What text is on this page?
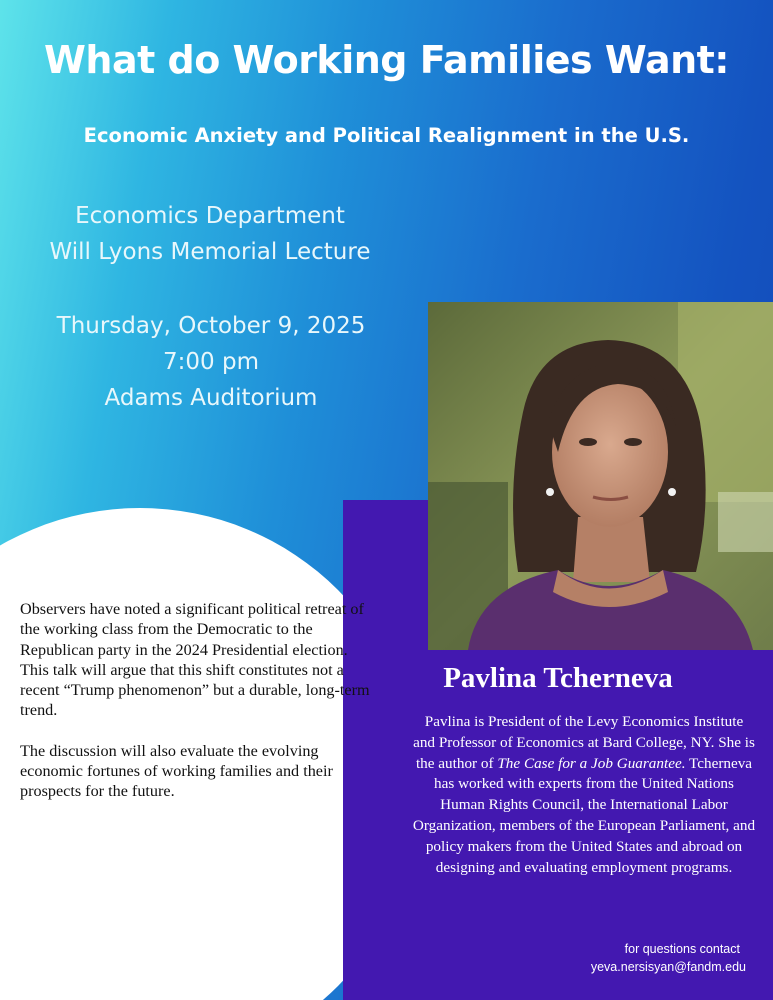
What do Working Families Want:
Economic Anxiety and Political Realignment in the U.S.
Economics Department
Will Lyons Memorial Lecture
Thursday, October 9, 2025
7:00 pm
Adams Auditorium

Observers have noted a significant political retreat of the working class from the Democratic to the Republican party in the 2024 Presidential election. This talk will argue that this shift constitutes not a recent “Trump phenomenon” but a durable, long-term trend.

The discussion will also evaluate the evolving economic fortunes of working families and their prospects for the future.

Pavlina Tcherneva
Pavlina is President of the Levy Economics Institute and Professor of Economics at Bard College, NY. She is the author of The Case for a Job Guarantee. Tcherneva has worked with experts from the United Nations Human Rights Council, the International Labor Organization, members of the European Parliament, and policy makers from the United States and abroad on designing and evaluating employment programs.
for questions contact
yeva.nersisyan@fandm.edu
